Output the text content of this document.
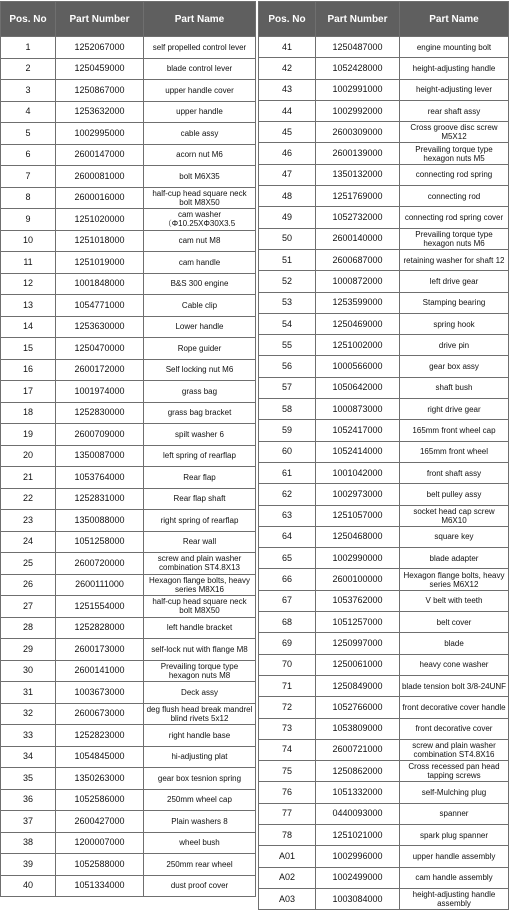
Pos. No	Part Number	Part Name
1	1252067000	self propelled control lever
2	1250459000	blade control lever
3	1250867000	upper handle cover
4	1253632000	upper handle
5	1002995000	cable assy
6	2600147000	acorn nut M6
7	2600081000	bolt M6X35
8	2600016000	half-cup head square neck bolt M8X50
9	1251020000	cam washer（Φ10.25XΦ30X3.5
10	1251018000	cam nut M8
11	1251019000	cam handle
12	1001848000	B&S 300 engine
13	1054771000	Cable clip
14	1253630000	Lower handle
15	1250470000	Rope guider
16	2600172000	Self locking nut M6
17	1001974000	grass bag
18	1252830000	grass bag bracket
19	2600709000	spilt washer 6
20	1350087000	left spring of rearflap
21	1053764000	Rear flap
22	1252831000	Rear flap shaft
23	1350088000	right spring of rearflap
24	1051258000	Rear wall
25	2600720000	screw and plain washer combination ST4.8X13
26	2600111000	Hexagon flange bolts, heavy series M8X16
27	1251554000	half-cup head square neck bolt M8X50
28	1252828000	left handle bracket
29	2600173000	self-lock nut with flange M8
30	2600141000	Prevailing torque type hexagon nuts M8
31	1003673000	Deck assy
32	2600673000	deg flush head break mandrel blind rivets 5x12
33	1252823000	right handle base
34	1054845000	hi-adjusting plat
35	1350263000	gear box tesnion spring
36	1052586000	250mm wheel cap
37	2600427000	Plain washers 8
38	1200007000	wheel bush
39	1052588000	250mm rear wheel
40	1051334000	dust proof cover
Pos. No	Part Number	Part Name
41	1250487000	engine mounting bolt
42	1052428000	height-adjusting handle
43	1002991000	height-adjusting lever
44	1002992000	rear shaft assy
45	2600309000	Cross groove disc screw M5X12
46	2600139000	Prevailing torque type hexagon nuts M5
47	1350132000	connecting rod spring
48	1251769000	connecting rod
49	1052732000	connecting rod spring cover
50	2600140000	Prevailing torque type hexagon nuts M6
51	2600687000	retaining washer for shaft 12
52	1000872000	left drive gear
53	1253599000	Stamping bearing
54	1250469000	spring hook
55	1251002000	drive pin
56	1000566000	gear box assy
57	1050642000	shaft bush
58	1000873000	right drive gear
59	1052417000	165mm front wheel cap
60	1052414000	165mm front wheel
61	1001042000	front shaft assy
62	1002973000	belt pulley assy
63	1251057000	socket head cap screw M6X10
64	1250468000	square key
65	1002990000	blade adapter
66	2600100000	Hexagon flange bolts, heavy series M6X12
67	1053762000	V belt with teeth
68	1051257000	belt cover
69	1250997000	blade
70	1250061000	heavy cone washer
71	1250849000	blade tension bolt 3/8-24UNF
72	1052766000	front decorative cover handle
73	1053809000	front decorative cover
74	2600721000	screw and plain washer combination ST4.8X16
75	1250862000	Cross recessed pan head tapping screws
76	1051332000	self-Mulching plug
77	0440093000	spanner
78	1251021000	spark plug spanner
A01	1002996000	upper handle assembly
A02	1002499000	cam handle assembly
A03	1003084000	height-adjusting handle assembly
